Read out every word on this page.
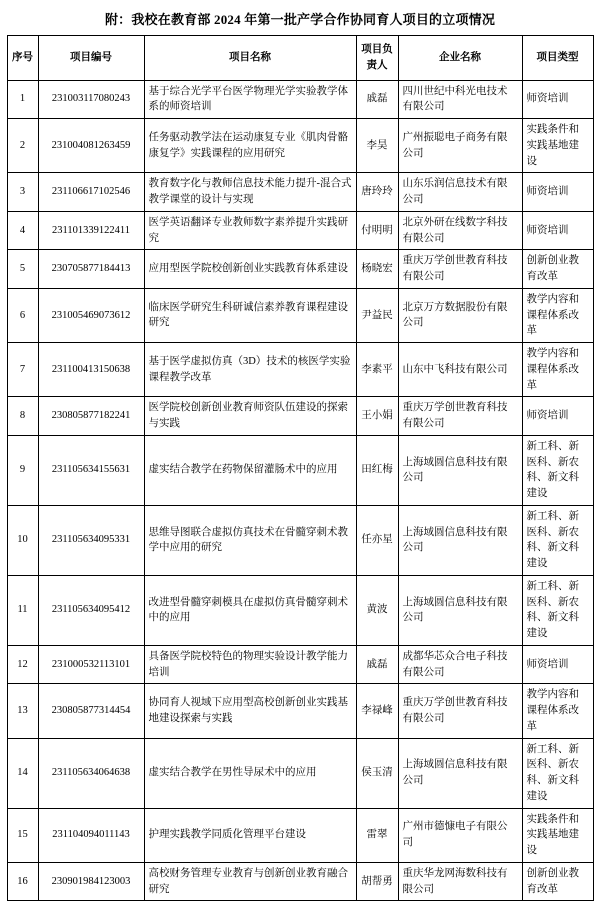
附：我校在教育部 2024 年第一批产学合作协同育人项目的立项情况
序号	项目编号	项目名称	项目负责人	企业名称	项目类型
1	231003117080243	基于综合光学平台医学物理光学实验教学体系的师资培训	戚磊	四川世纪中科光电技术有限公司	师资培训
2	231004081263459	任务驱动教学法在运动康复专业《肌肉骨骼康复学》实践课程的应用研究	李昊	广州振聪电子商务有限公司	实践条件和实践基地建设
3	231106617102546	教育数字化与教师信息技术能力提升-混合式教学课堂的设计与实现	唐玲玲	山东乐润信息技术有限公司	师资培训
4	231101339122411	医学英语翻译专业教师数字素养提升实践研究	付明明	北京外研在线数字科技有限公司	师资培训
5	230705877184413	应用型医学院校创新创业实践教育体系建设	杨晓宏	重庆万学创世教育科技有限公司	创新创业教育改革
6	231005469073612	临床医学研究生科研诚信素养教育课程建设研究	尹益民	北京万方数据股份有限公司	教学内容和课程体系改革
7	231100413150638	基于医学虚拟仿真（3D）技术的核医学实验课程教学改革	李素平	山东中飞科技有限公司	教学内容和课程体系改革
8	230805877182241	医学院校创新创业教育师资队伍建设的探索与实践	王小娟	重庆万学创世教育科技有限公司	师资培训
9	231105634155631	虚实结合教学在药物保留灌肠术中的应用	田红梅	上海域圆信息科技有限公司	新工科、新医科、新农科、新文科建设
10	231105634095331	思维导图联合虚拟仿真技术在骨髓穿刺术教学中应用的研究	任亦星	上海域圆信息科技有限公司	新工科、新医科、新农科、新文科建设
11	231105634095412	改进型骨髓穿刺模具在虚拟仿真骨髓穿刺术中的应用	黄波	上海域圆信息科技有限公司	新工科、新医科、新农科、新文科建设
12	231000532113101	具备医学院校特色的物理实验设计教学能力培训	戚磊	成都华芯众合电子科技有限公司	师资培训
13	230805877314454	协同育人视域下应用型高校创新创业实践基地建设探索与实践	李禄峰	重庆万学创世教育科技有限公司	教学内容和课程体系改革
14	231105634064638	虚实结合教学在男性导尿术中的应用	侯玉清	上海域圆信息科技有限公司	新工科、新医科、新农科、新文科建设
15	231104094011143	护理实践教学同质化管理平台建设	雷翠	广州市德慷电子有限公司	实践条件和实践基地建设
16	230901984123003	高校财务管理专业教育与创新创业教育融合研究	胡帮勇	重庆华龙网海数科技有限公司	创新创业教育改革
